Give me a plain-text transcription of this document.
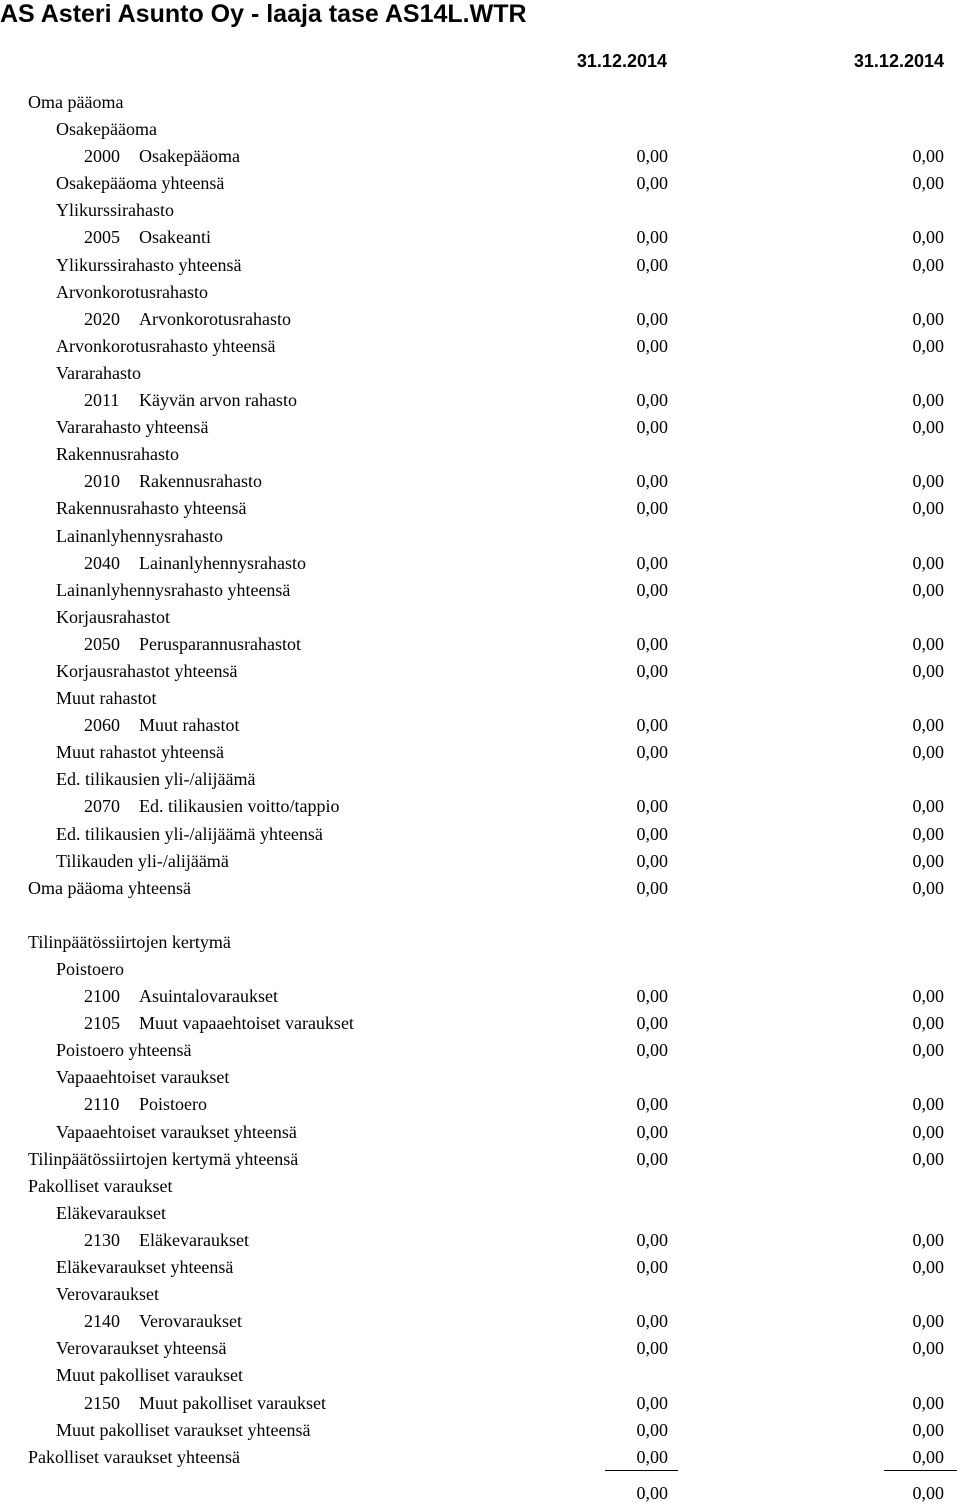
AS Asteri Asunto Oy - laaja tase AS14L.WTR
31.12.2014	31.12.2014
Oma pääoma
Osakepääoma
2000 Osakepääoma	0,00	0,00
Osakepääoma yhteensä	0,00	0,00
Ylikurssirahasto
2005 Osakeanti	0,00	0,00
Ylikurssirahasto yhteensä	0,00	0,00
Arvonkorotusrahasto
2020 Arvonkorotusrahasto	0,00	0,00
Arvonkorotusrahasto yhteensä	0,00	0,00
Vararahasto
2011 Käyvän arvon rahasto	0,00	0,00
Vararahasto yhteensä	0,00	0,00
Rakennusrahasto
2010 Rakennusrahasto	0,00	0,00
Rakennusrahasto yhteensä	0,00	0,00
Lainanlyhennysrahasto
2040 Lainanlyhennysrahasto	0,00	0,00
Lainanlyhennysrahasto yhteensä	0,00	0,00
Korjausrahastot
2050 Perusparannusrahastot	0,00	0,00
Korjausrahastot yhteensä	0,00	0,00
Muut rahastot
2060 Muut rahastot	0,00	0,00
Muut rahastot yhteensä	0,00	0,00
Ed. tilikausien yli-/alijäämä
2070 Ed. tilikausien voitto/tappio	0,00	0,00
Ed. tilikausien yli-/alijäämä yhteensä	0,00	0,00
Tilikauden yli-/alijäämä	0,00	0,00
Oma pääoma yhteensä	0,00	0,00
Tilinpäätössiirtojen kertymä
Poistoero
2100 Asuintalovaraukset	0,00	0,00
2105 Muut vapaaehtoiset varaukset	0,00	0,00
Poistoero yhteensä	0,00	0,00
Vapaaehtoiset varaukset
2110 Poistoero	0,00	0,00
Vapaaehtoiset varaukset yhteensä	0,00	0,00
Tilinpäätössiirtojen kertymä yhteensä	0,00	0,00
Pakolliset varaukset
Eläkevaraukset
2130 Eläkevaraukset	0,00	0,00
Eläkevaraukset yhteensä	0,00	0,00
Verovaraukset
2140 Verovaraukset	0,00	0,00
Verovaraukset yhteensä	0,00	0,00
Muut pakolliset varaukset
2150 Muut pakolliset varaukset	0,00	0,00
Muut pakolliset varaukset yhteensä	0,00	0,00
Pakolliset varaukset yhteensä	0,00	0,00
0,00	0,00
